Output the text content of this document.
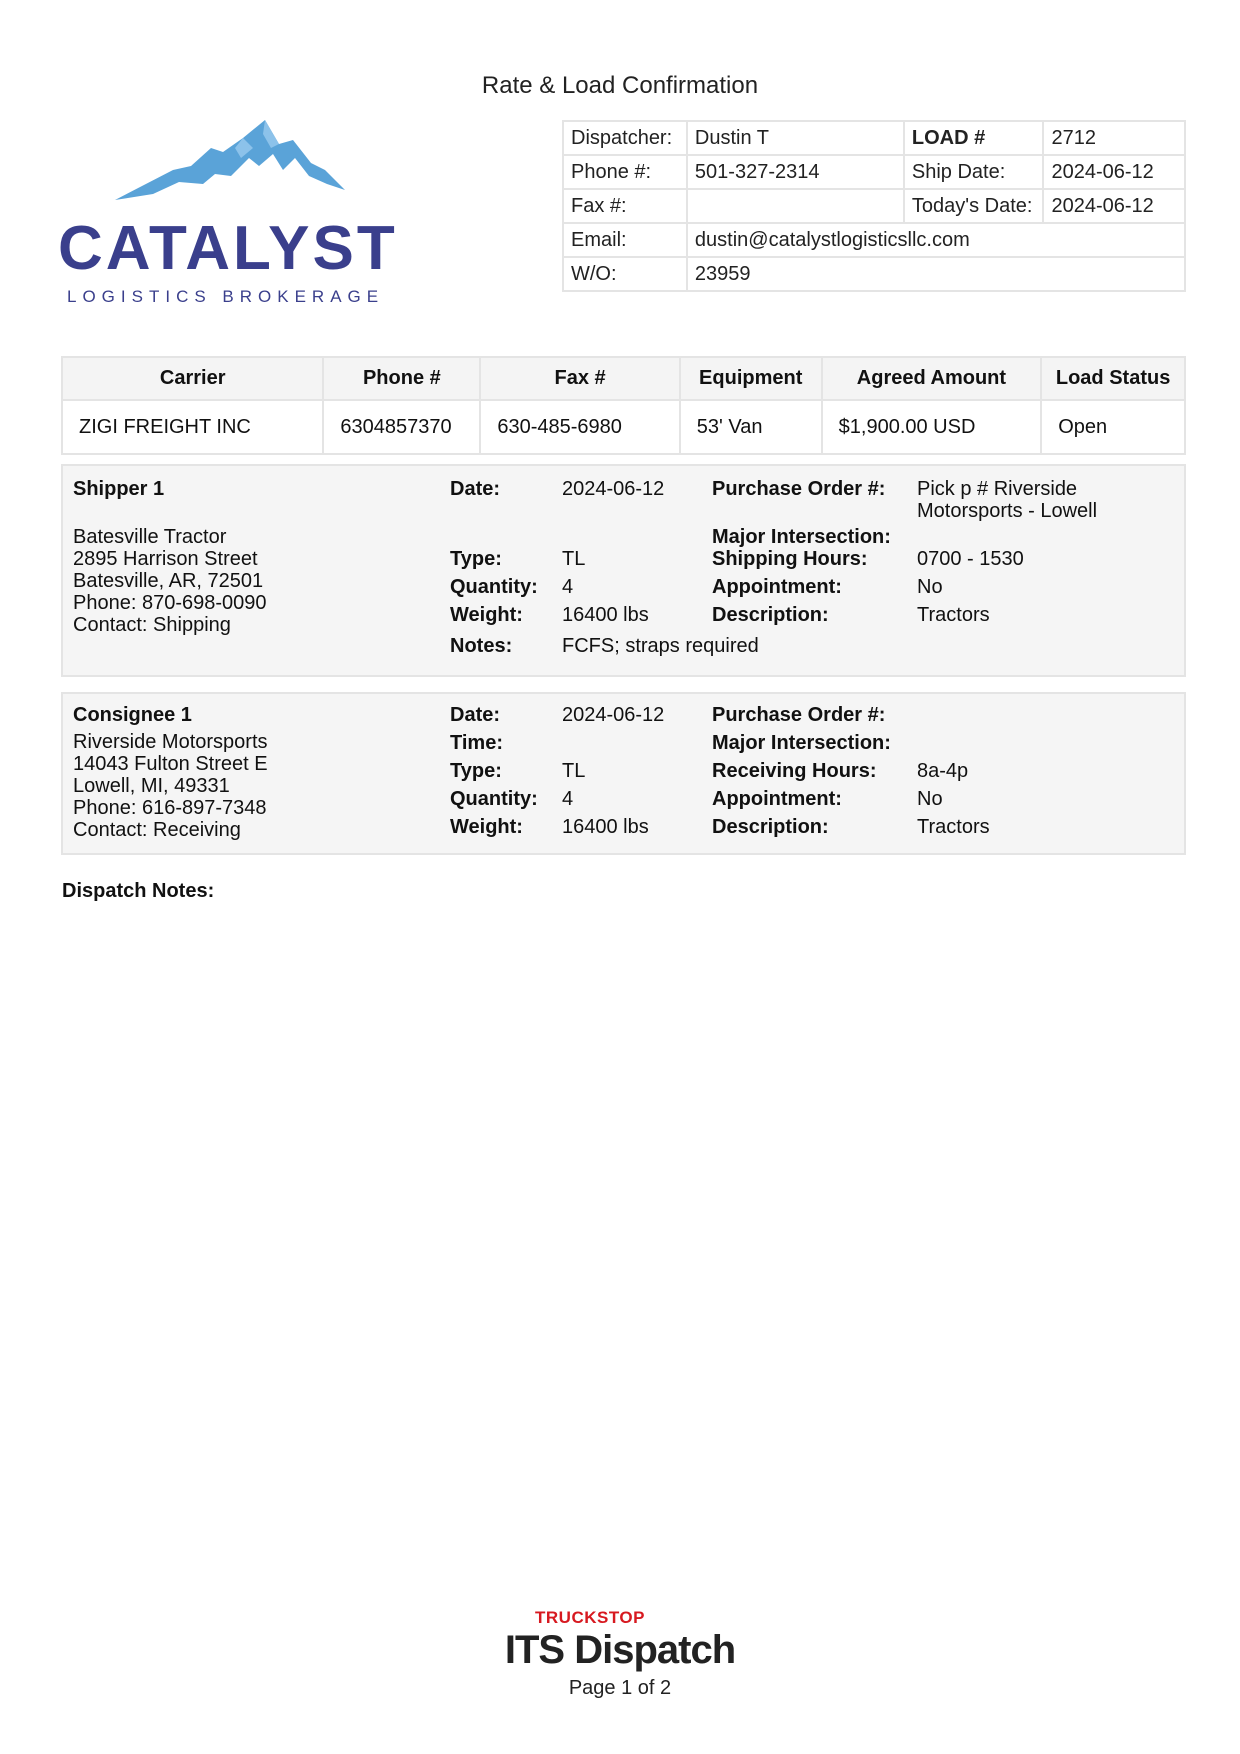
Rate & Load Confirmation
CATALYST
LOGISTICS BROKERAGE
Dispatcher:	Dustin T	LOAD #	2712
Phone #:	501-327-2314	Ship Date:	2024-06-12
Fax #:		Today's Date:	2024-06-12
Email:	dustin@catalystlogisticsllc.com		
W/O:	23959		
Carrier	Phone #	Fax #	Equipment	Agreed Amount	Load Status
ZIGI FREIGHT INC	6304857370	630-485-6980	53' Van	$1,900.00 USD	Open
Shipper 1
Batesville Tractor
2895 Harrison Street
Batesville, AR, 72501
Phone: 870-698-0090
Contact: Shipping
Date:	2024-06-12
Type:	TL
Quantity: 4
Weight: 16400 lbs
Notes: FCFS; straps required
Purchase Order #: Pick p # Riverside Motorsports - Lowell
Major Intersection:
Shipping Hours: 0700 - 1530
Appointment:	No
Description:	Tractors
Consignee 1
Riverside Motorsports
14043 Fulton Street E
Lowell, MI, 49331
Phone: 616-897-7348
Contact: Receiving
Date:	2024-06-12
Time:
Type:	TL
Quantity: 4
Weight: 16400 lbs
Purchase Order #:
Major Intersection:
Receiving Hours: 8a-4p
Appointment:	No
Description:	Tractors
Dispatch Notes:
TRUCKSTOP
ITS Dispatch
Page 1 of 2
